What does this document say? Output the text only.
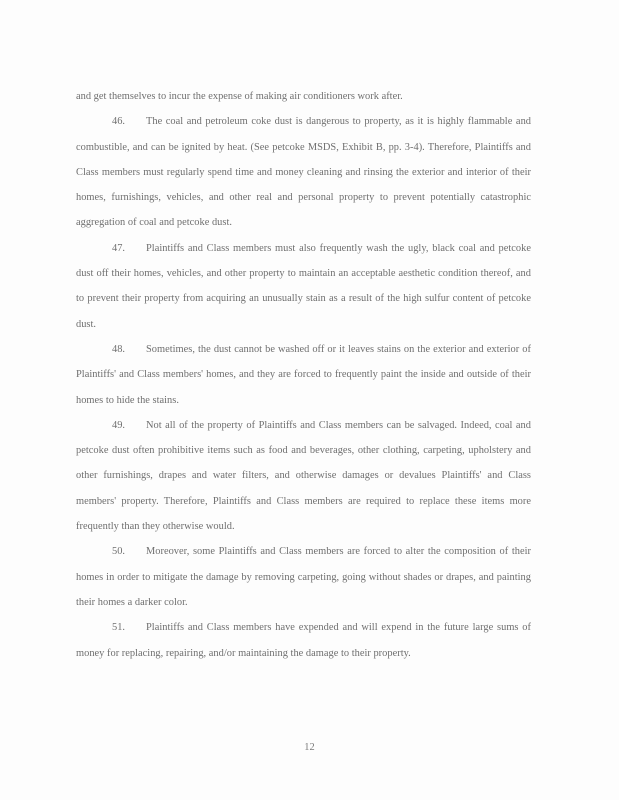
and get themselves to incur the expense of making air conditioners work after.

46. The coal and petroleum coke dust is dangerous to property, as it is highly flammable and combustible, and can be ignited by heat. (See petcoke MSDS, Exhibit B, pp. 3-4). Therefore, Plaintiffs and Class members must regularly spend time and money cleaning and rinsing the exterior and interior of their homes, furnishings, vehicles, and other real and personal property to prevent potentially catastrophic aggregation of coal and petcoke dust.

47. Plaintiffs and Class members must also frequently wash the ugly, black coal and petcoke dust off their homes, vehicles, and other property to maintain an acceptable aesthetic condition thereof, and to prevent their property from acquiring an unusually stain as a result of the high sulfur content of petcoke dust.

48. Sometimes, the dust cannot be washed off or it leaves stains on the exterior and exterior of Plaintiffs' and Class members' homes, and they are forced to frequently paint the inside and outside of their homes to hide the stains.

49. Not all of the property of Plaintiffs and Class members can be salvaged. Indeed, coal and petcoke dust often prohibitive items such as food and beverages, other clothing, carpeting, upholstery and other furnishings, drapes and water filters, and otherwise damages or devalues Plaintiffs' and Class members' property. Therefore, Plaintiffs and Class members are required to replace these items more frequently than they otherwise would.

50. Moreover, some Plaintiffs and Class members are forced to alter the composition of their homes in order to mitigate the damage by removing carpeting, going without shades or drapes, and painting their homes a darker color.

51. Plaintiffs and Class members have expended and will expend in the future large sums of money for replacing, repairing, and/or maintaining the damage to their property.

12
